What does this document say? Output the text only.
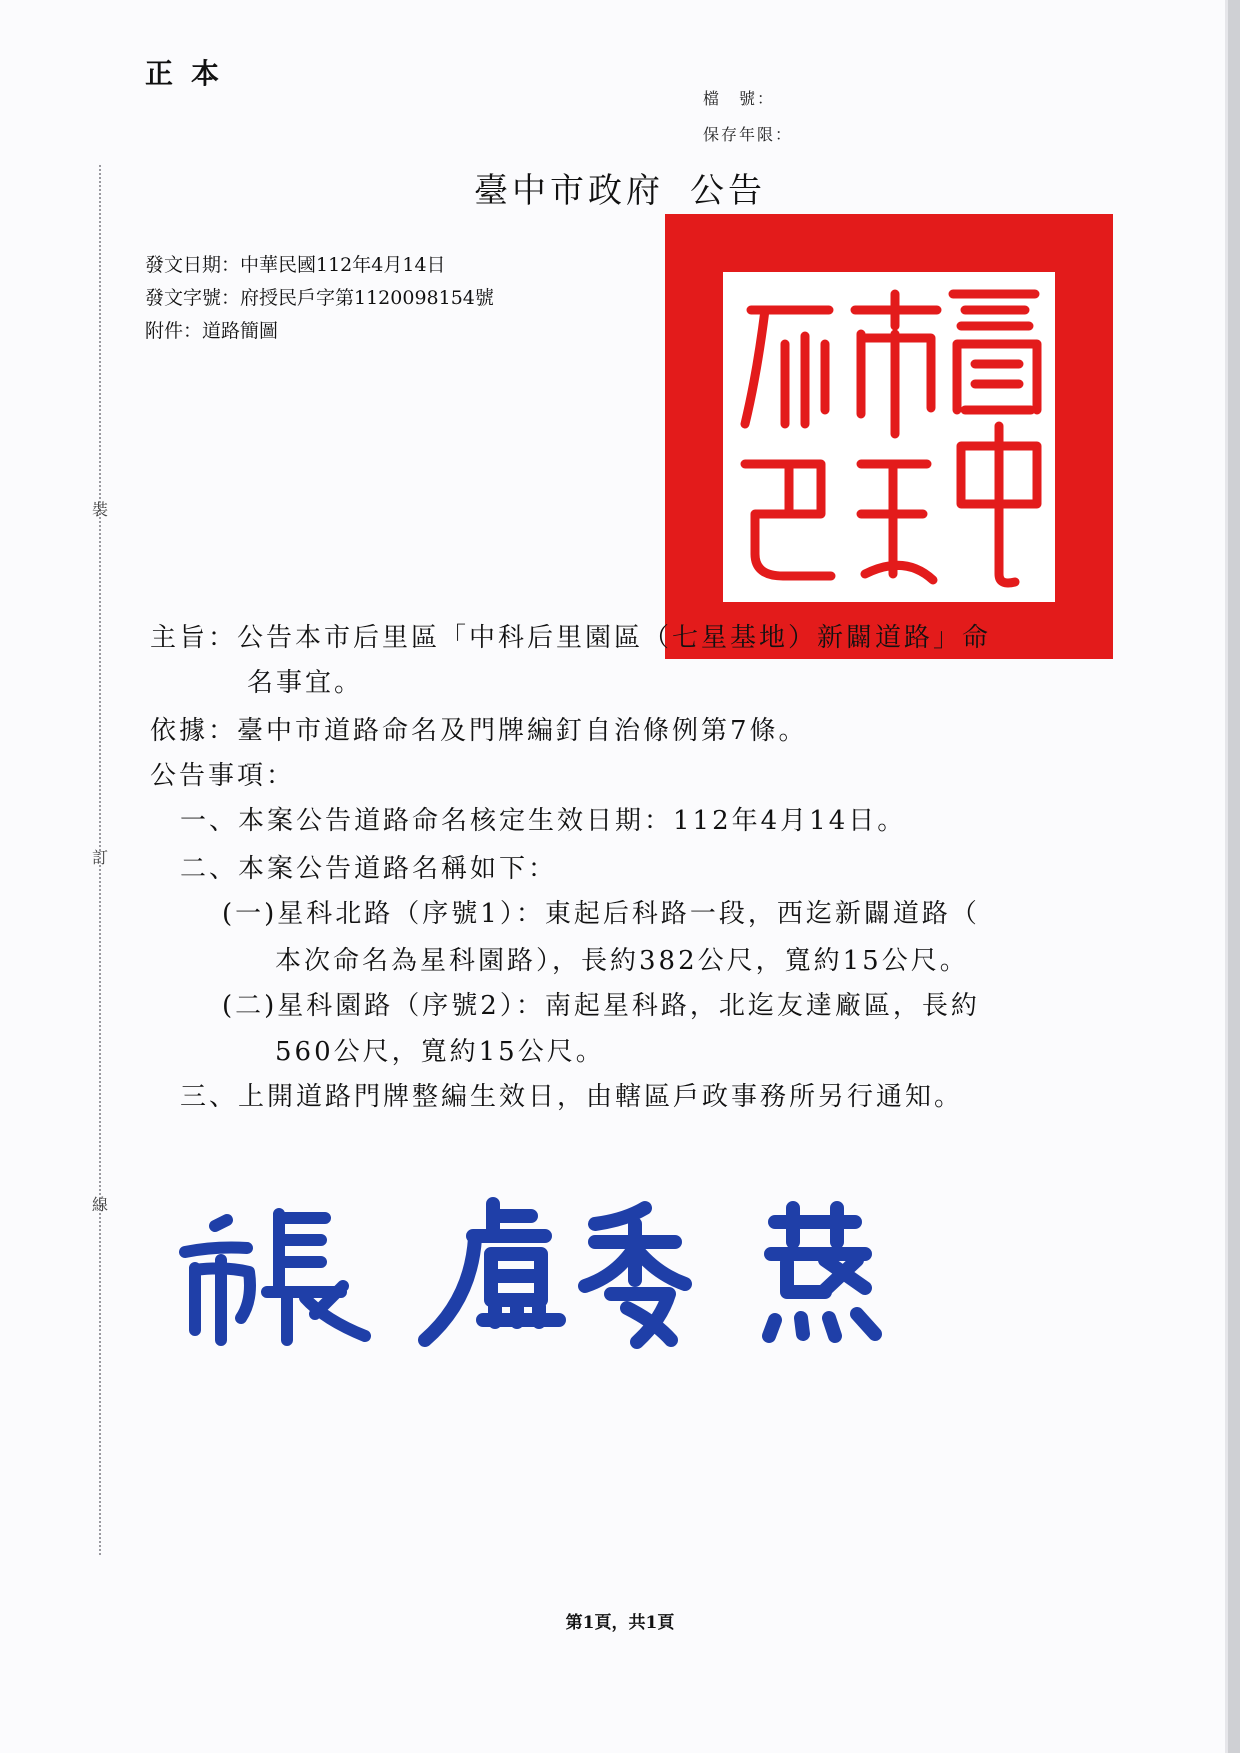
裝
訂
線
正本
檔　號：
保存年限：
臺中市政府 公告
發文日期：中華民國112年4月14日
發文字號：府授民戶字第1120098154號
附件：道路簡圖
主旨：公告本市后里區「中科后里園區（七星基地）新闢道路」命
名事宜。
依據：臺中市道路命名及門牌編釘自治條例第7條。
公告事項：
一、本案公告道路命名核定生效日期：112年4月14日。
二、本案公告道路名稱如下：
(一)星科北路（序號1）：東起后科路一段，西迄新闢道路（
本次命名為星科園路），長約382公尺，寬約15公尺。
(二)星科園路（序號2）：南起星科路，北迄友達廠區，長約
560公尺，寬約15公尺。
三、上開道路門牌整編生效日，由轄區戶政事務所另行通知。
第1頁，共1頁
